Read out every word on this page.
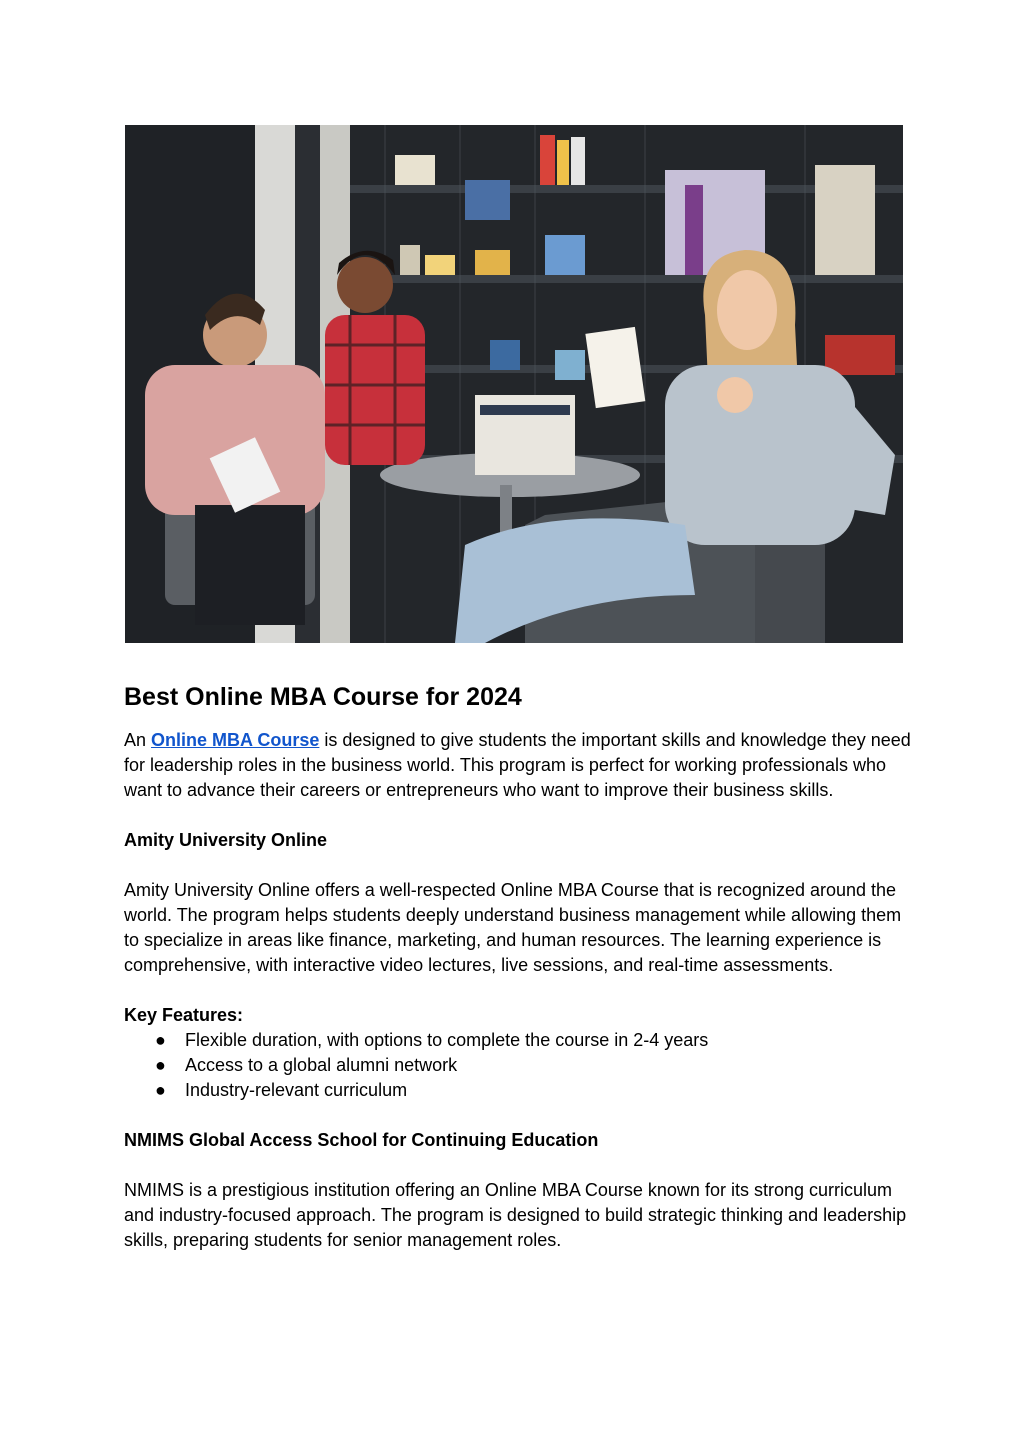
Best Online MBA Course for 2024

An Online MBA Course is designed to give students the important skills and knowledge they need for leadership roles in the business world. This program is perfect for working professionals who want to advance their careers or entrepreneurs who want to improve their business skills.

Amity University Online

Amity University Online offers a well-respected Online MBA Course that is recognized around the world. The program helps students deeply understand business management while allowing them to specialize in areas like finance, marketing, and human resources. The learning experience is comprehensive, with interactive video lectures, live sessions, and real-time assessments.

Key Features:

● Flexible duration, with options to complete the course in 2-4 years
● Access to a global alumni network
● Industry-relevant curriculum

NMIMS Global Access School for Continuing Education

NMIMS is a prestigious institution offering an Online MBA Course known for its strong curriculum and industry-focused approach. The program is designed to build strategic thinking and leadership skills, preparing students for senior management roles.
